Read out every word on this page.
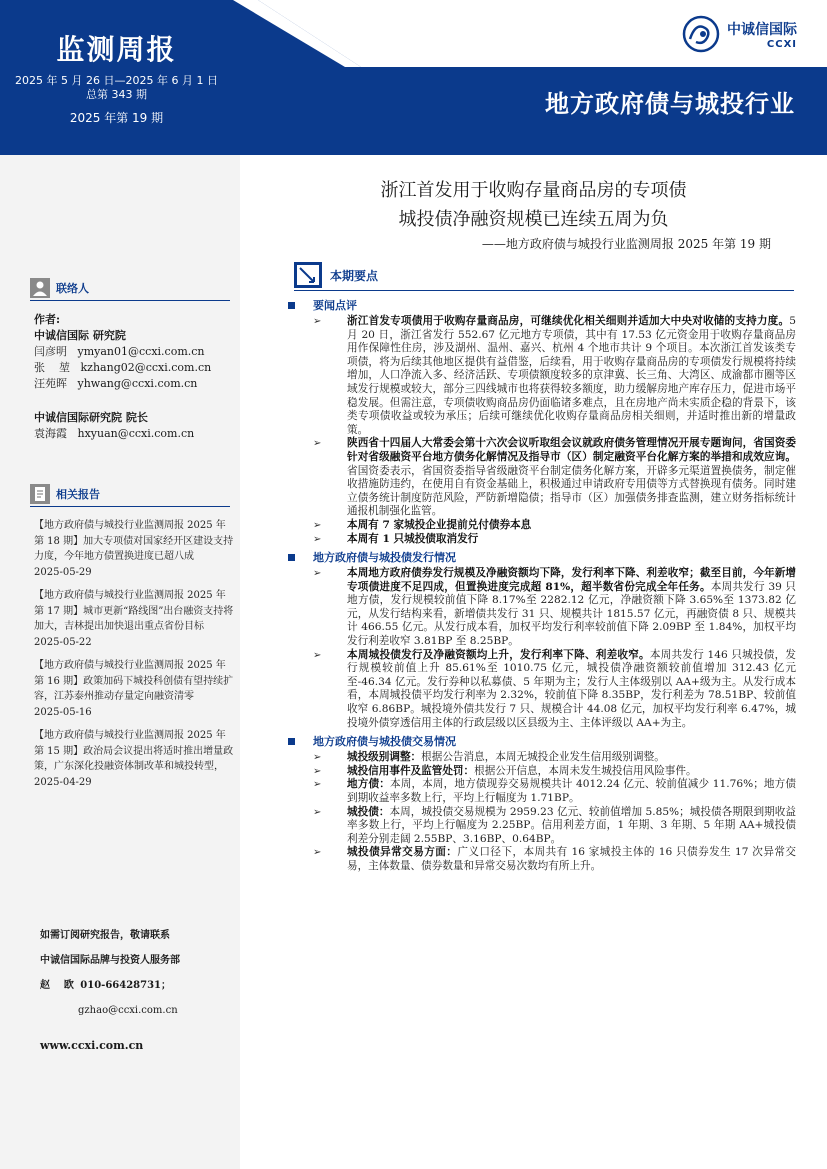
监测周报
2025 年 5 月 26 日—2025 年 6 月 1 日
总第 343 期
2025 年第 19 期	地方政府债与城投行业
中诚信国际
CCXI
联络人
作者:
中诚信国际 研究院
闫彦明 ymyan01@ccxi.com.cn
张    堃 kzhang02@ccxi.com.cn
汪苑晖 yhwang@ccxi.com.cn
中诚信国际研究院 院长
袁海霞 hxyuan@ccxi.com.cn
相关报告
【地方政府债与城投行业监测周报 2025 年第 18 期】加大专项债对国家经开区建设支持力度，今年地方债置换进度已超八成
2025-05-29
【地方政府债与城投行业监测周报 2025 年第 17 期】城市更新“路线图”出台融资支持将加大，吉林提出加快退出重点省份目标
2025-05-22
【地方政府债与城投行业监测周报 2025 年第 16 期】政策加码下城投科创债有望持续扩容，江苏泰州推动存量定向融资清零
2025-05-16
【地方政府债与城投行业监测周报 2025 年第 15 期】政治局会议提出将适时推出增量政策，广东深化投融资体制改革和城投转型，
2025-04-29
如需订阅研究报告，敬请联系
中诚信国际品牌与投资人服务部
赵    欧 010-66428731；
gzhao@ccxi.com.cn
www.ccxi.com.cn
浙江首发用于收购存量商品房的专项债
城投债净融资规模已连续五周为负
——地方政府债与城投行业监测周报 2025 年第 19 期
本期要点
要闻点评
➢ 浙江首发专项债用于收购存量商品房，可继续优化相关细则并适加大中央对收储的支持力度。5 月 20 日，浙江省发行 552.67 亿元地方专项债，其中有 17.53 亿元资金用于收购存量商品房用作保障性住房，涉及湖州、温州、嘉兴、杭州 4 个地市共计 9 个项目。本次浙江首发该类专项债，将为后续其他地区提供有益借鉴，后续看，用于收购存量商品房的专项债发行规模将持续增加，人口净流入多、经济活跃、专项债额度较多的京津冀、长三角、大湾区、成渝都市圈等区域发行规模或较大，部分三四线城市也将获得较多额度，助力缓解房地产库存压力，促进市场平稳发展。但需注意，专项债收购商品房仍面临诸多难点，且在房地产尚未实质企稳的背景下，该类专项债收益或较为承压；后续可继续优化收购存量商品房相关细则，并适时推出新的增量政策。
➢ 陕西省十四届人大常委会第十六次会议听取组会议就政府债务管理情况开展专题询问，省国资委针对省级融资平台地方债务化解情况及指导市（区）制定融资平台化解方案的举措和成效应询。省国资委表示，省国资委指导省级融资平台制定债务化解方案，开辟多元渠道置换债务，制定催收措施防违约，在使用自有资金基础上，积极通过申请政府专用债等方式替换现有债务。同时建立债务统计制度防范风险，严防新增隐债；指导市（区）加强债务排查监测，建立财务指标统计通报机制强化监管。
➢ 本周有 7 家城投企业提前兑付债券本息
➢ 本周有 1 只城投债取消发行
地方政府债与城投债发行情况
➢ 本周地方政府债券发行规模及净融资额均下降，发行利率下降、利差收窄；截至目前，今年新增专项债进度不足四成，但置换进度完成超 81%，超半数省份完成全年任务。本周共发行 39 只地方债，发行规模较前值下降 8.17%至 2282.12 亿元，净融资额下降 3.65%至 1373.82 亿元，从发行结构来看，新增债共发行 31 只、规模共计 1815.57 亿元，再融资债 8 只、规模共计 466.55 亿元。从发行成本看，加权平均发行利率较前值下降 2.09BP 至 1.84%，加权平均发行利差收窄 3.81BP 至 8.25BP。
➢ 本周城投债发行及净融资额均上升，发行利率下降、利差收窄。本周共发行 146 只城投债，发行规模较前值上升 85.61%至 1010.75 亿元，城投债净融资额较前值增加 312.43 亿元至-46.34 亿元。发行券种以私募债、5 年期为主；发行人主体级别以 AA+级为主。从发行成本看，本周城投债平均发行利率为 2.32%，较前值下降 8.35BP，发行利差为 78.51BP、较前值收窄 6.86BP。城投境外债共发行 7 只、规模合计 44.08 亿元，加权平均发行利率 6.47%，城投境外债穿透信用主体的行政层级以区县级为主、主体评级以 AA+为主。
地方政府债与城投债交易情况
➢ 城投级别调整：根据公告消息，本周无城投企业发生信用级别调整。
➢ 城投信用事件及监管处罚：根据公开信息，本周未发生城投信用风险事件。
➢ 地方债：本周，本周，地方债现券交易规模共计 4012.24 亿元、较前值减少 11.76%；地方债到期收益率多数上行，平均上行幅度为 1.71BP。
➢ 城投债：本周，城投债交易规模为 2959.23 亿元、较前值增加 5.85%；城投债各期限到期收益率多数上行，平均上行幅度为 2.25BP。信用利差方面，1 年期、3 年期、5 年期 AA+城投债利差分别走阔 2.55BP、3.16BP、0.64BP。
➢ 城投债异常交易方面：广义口径下，本周共有 16 家城投主体的 16 只债券发生 17 次异常交易，主体数量、债券数量和异常交易次数均有所上升。
